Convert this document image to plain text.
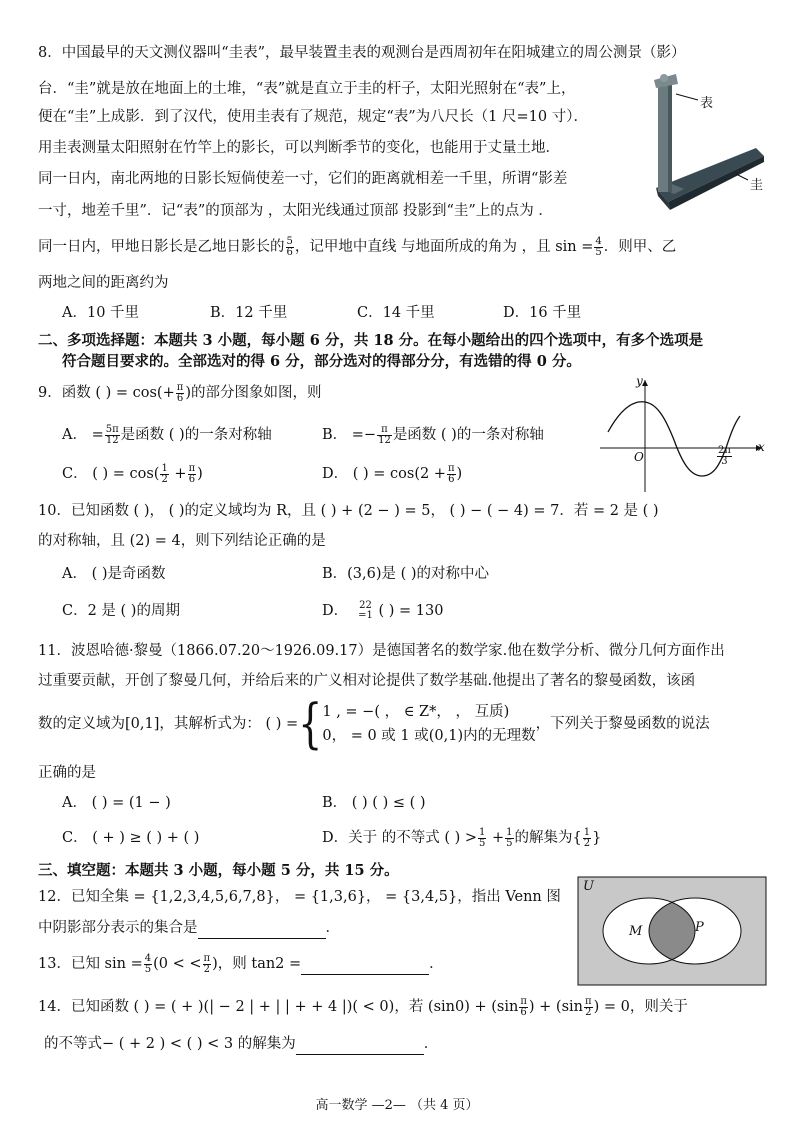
8．中国最早的天文测仪器叫“圭表”，最早装置圭表的观测台是西周初年在阳城建立的周公测景（影）
台．“圭”就是放在地面上的土堆，“表”就是直立于圭的杆子，太阳光照射在“表”上，
便在“圭”上成影．到了汉代，使用圭表有了规范，规定“表”为八尺长（1 尺=10 寸）．
用圭表测量太阳照射在竹竿上的影长，可以判断季节的变化，也能用于丈量土地．
同一日内，南北两地的日影长短倘使差一寸，它们的距离就相差一千里，所谓“影差
一寸，地差千里”．记“表”的顶部为 ，太阳光线通过顶部 投影到“圭”上的点为 ．
同一日内，甲地日影长是乙地日影长的 $\frac{5}{6}$ ，记甲地中直线 与地面所成的角为 ，且 $\sin = \frac{4}{5}$ ．则甲、乙
两地之间的距离约为
A．10 千里	B．12 千里	C．14 千里	D．16 千里
表
圭
二、多项选择题：本题共 3 小题，每小题 6 分，共 18 分。在每小题给出的四个选项中，有多个选项是
符合题目要求的。全部选对的得 6 分，部分选对的得部分分，有选错的得 0 分。
9．函数 ( ) = $\cos(+ \frac{\pi}{6}$ )的部分图象如图，则
A． = $\frac{5\pi}{12}$ 是函数 ( )的一条对称轴	B． =− $\frac{\pi}{12}$ 是函数 ( )的一条对称轴
C． ( ) = $\cos( \frac{1}{2} + \frac{\pi}{6}$ )	D． ( ) = $\cos(2 + \frac{\pi}{6}$ )
y
x
O	$\frac{2\pi}{3}$
10．已知函数 ( )， ( )的定义域均为 R，且 ( ) + (2 − ) = 5， ( ) − ( − 4) = 7．若 = 2 是 ( )
的对称轴，且 (2) = 4，则下列结论正确的是
A． ( )是奇函数	B．(3,6)是 ( )的对称中心
C．2 是 ( )的周期	D． 22
=1 ( ) = 130
11．波恩哈德·黎曼（1866.07.20～1926.09.17）是德国著名的数学家.他在数学分析、微分几何方面作出
过重要贡献，开创了黎曼几何，并给后来的广义相对论提供了数学基础.他提出了著名的黎曼函数，该函
数的定义域为[0,1]，其解析式为： ( ) ={ 1 , = −( ， ∈ Z*， ， 互质)
0， = 0 或 1 或(0,1)内的无理数
，下列关于黎曼函数的说法
正确的是
A． ( ) = (1 − )	B． ( ) ( ) ≤ ( )
C． ( + ) ≥ ( ) + ( )	D．关于 的不等式 ( ) > $\frac{1}{5} + \frac{1}{5}$ 的解集为{ $\frac{1}{2}$ }
三、填空题：本题共 3 小题，每小题 5 分，共 15 分。
12．已知全集 = {1,2,3,4,5,6,7,8}， = {1,3,6}， = {3,4,5}，指出 Venn 图
中阴影部分表示的集合是	．
U
M	P
13．已知 $\sin = \frac{4}{5} (0$ < < $\frac{\pi}{2}$ )，则 tan2 =	．
14．已知函数 ( ) = ( + )(| − 2 | + | | + + 4 |)( < 0)，若 $(\sin 0) + (\sin \frac{\pi}{6}$ ) + ($\sin \frac{\pi}{2}$ ) = 0，则关于
的不等式− ( + 2 ) < ( ) < 3 的解集为	．
高一数学 —2— （共 4 页）
